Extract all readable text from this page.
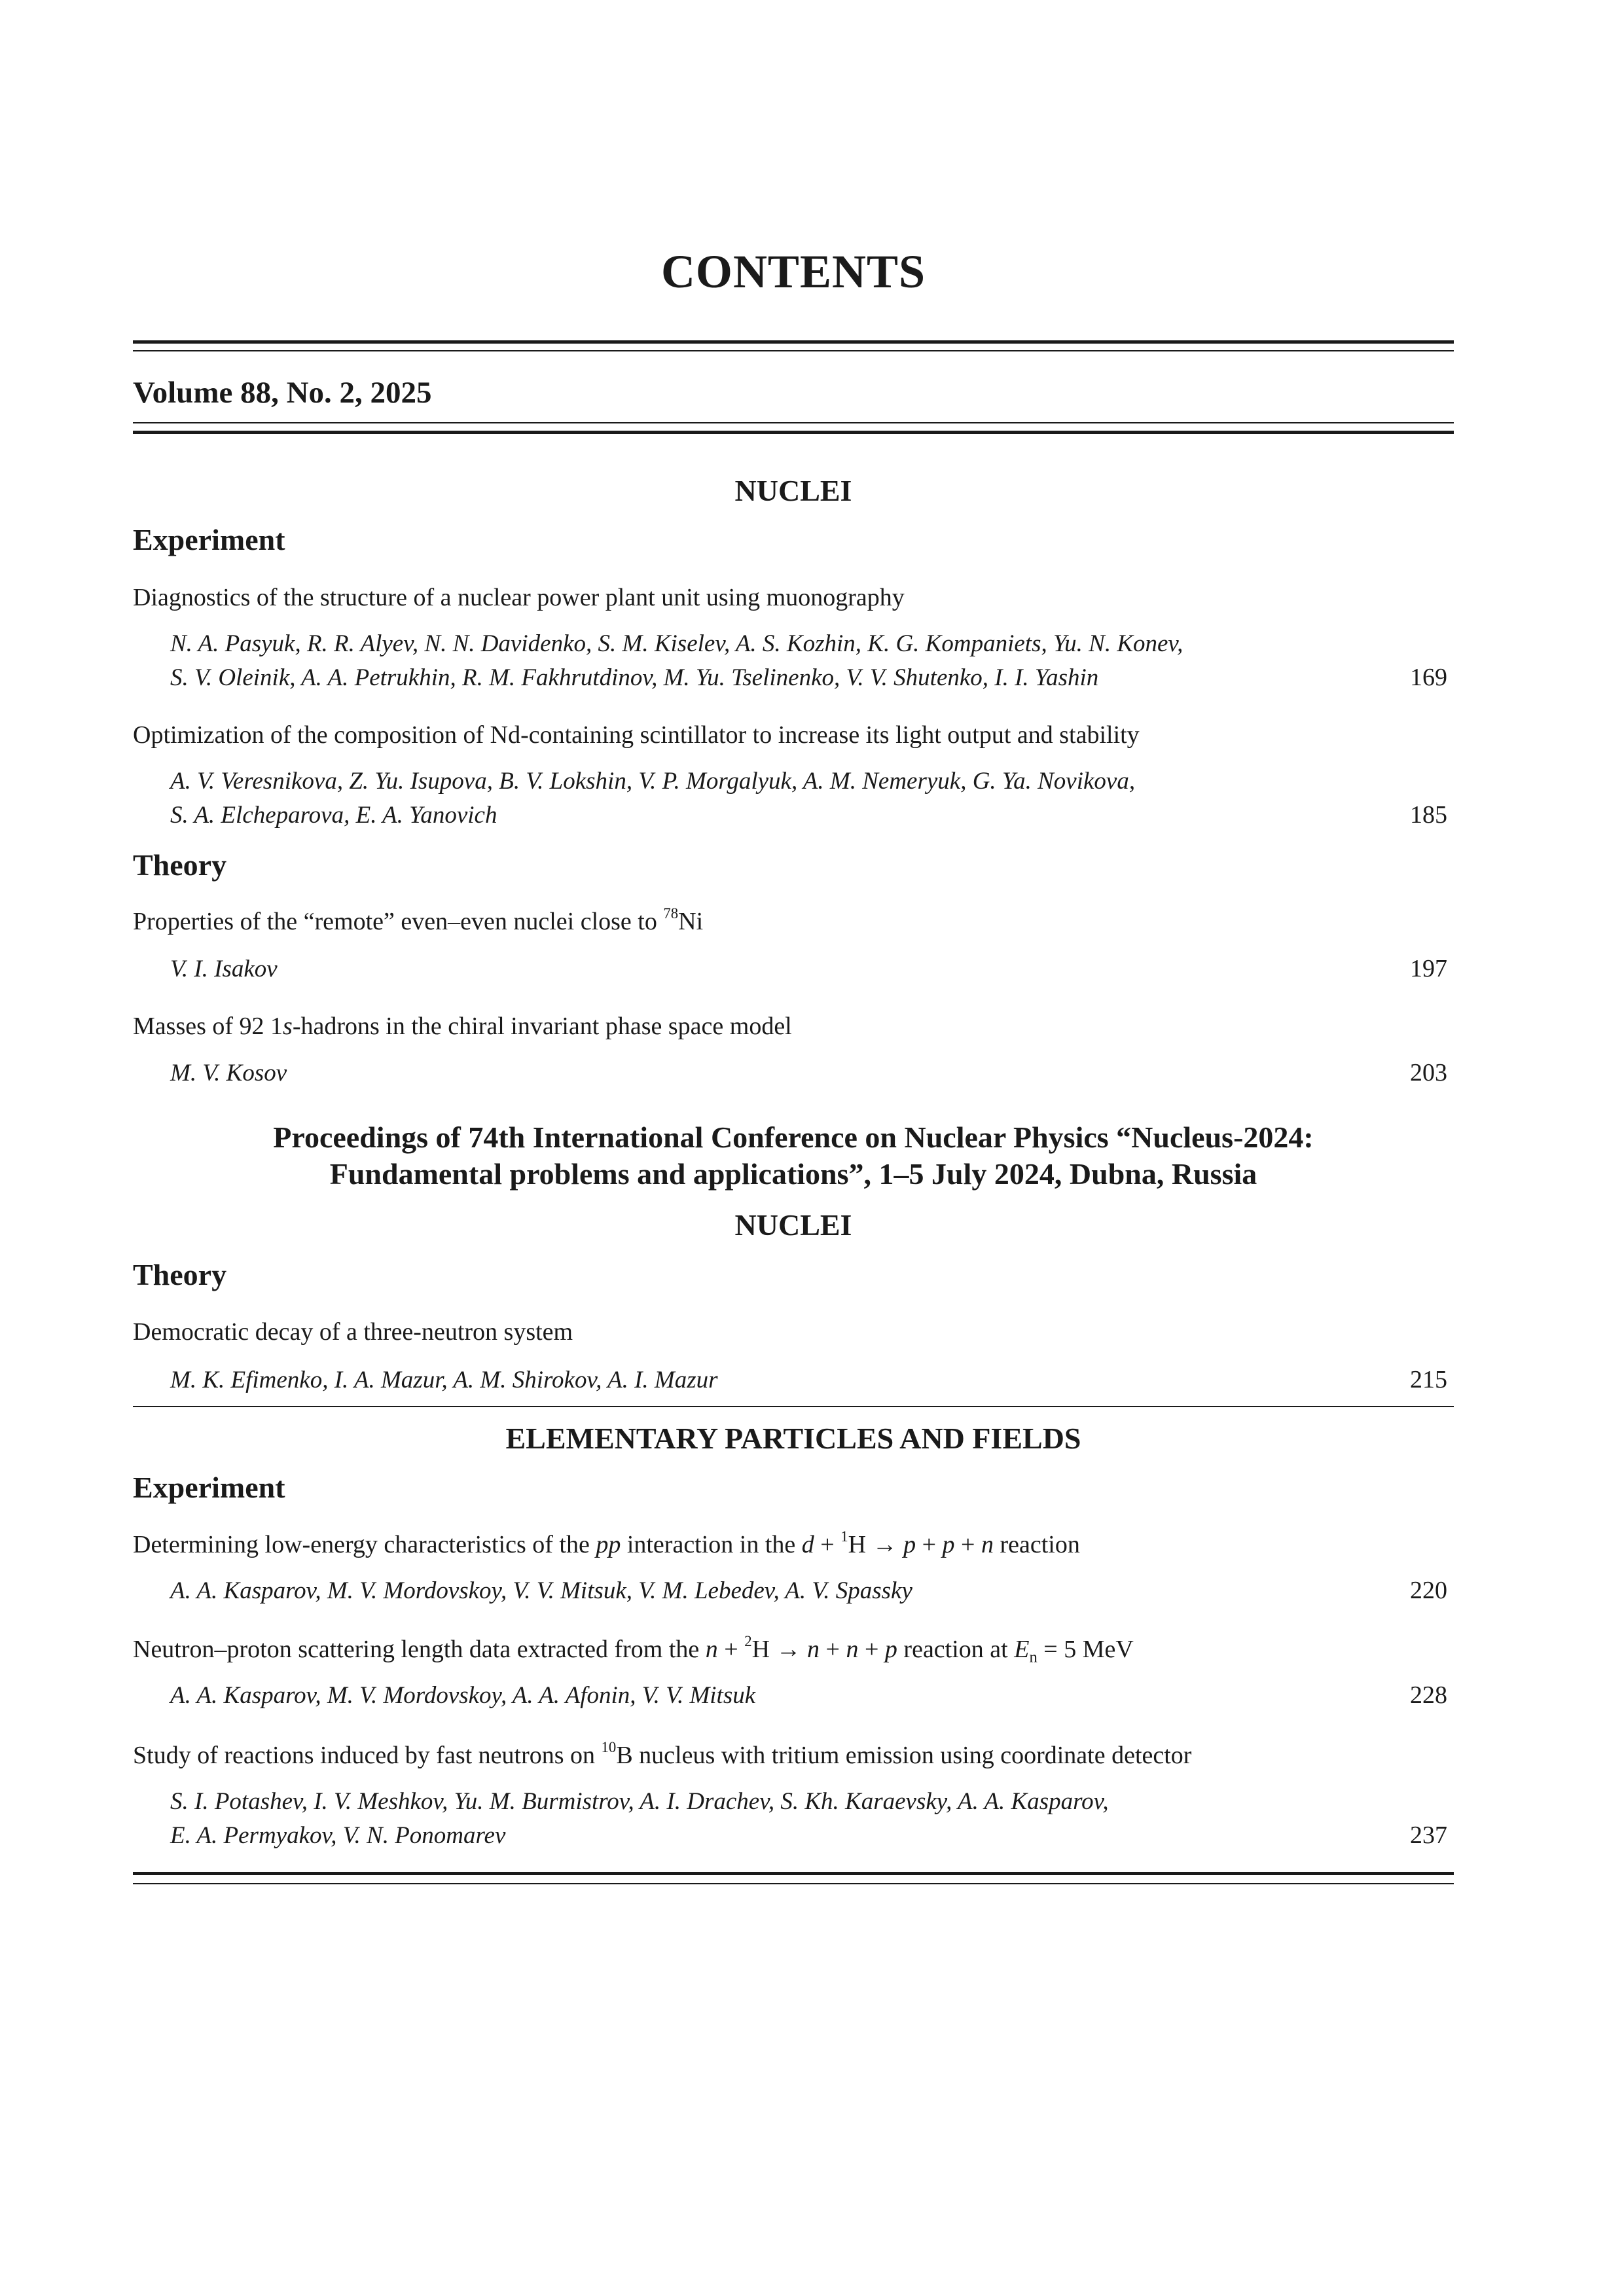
CONTENTS
Volume 88, No. 2, 2025
NUCLEI
Experiment
Diagnostics of the structure of a nuclear power plant unit using muonography
N. A. Pasyuk, R. R. Alyev, N. N. Davidenko, S. M. Kiselev, A. S. Kozhin, K. G. Kompaniets, Yu. N. Konev,
S. V. Oleinik, A. A. Petrukhin, R. M. Fakhrutdinov, M. Yu. Tselinenko, V. V. Shutenko, I. I. Yashin	169
Optimization of the composition of Nd-containing scintillator to increase its light output and stability
A. V. Veresnikova, Z. Yu. Isupova, B. V. Lokshin, V. P. Morgalyuk, A. M. Nemeryuk, G. Ya. Novikova,
S. A. Elcheparova, E. A. Yanovich	185
Theory
Properties of the “remote” even–even nuclei close to $^{78}$Ni
V. I. Isakov	197
Masses of 92 1s-hadrons in the chiral invariant phase space model
M. V. Kosov	203
Proceedings of 74th International Conference on Nuclear Physics “Nucleus-2024:
Fundamental problems and applications”, 1–5 July 2024, Dubna, Russia
NUCLEI
Theory
Democratic decay of a three-neutron system
M. K. Efimenko, I. A. Mazur, A. M. Shirokov, A. I. Mazur	215
ELEMENTARY PARTICLES AND FIELDS
Experiment
Determining low-energy characteristics of the pp interaction in the d + $^1$H → p + p + n reaction
A. A. Kasparov, M. V. Mordovskoy, V. V. Mitsuk, V. M. Lebedev, A. V. Spassky	220
Neutron–proton scattering length data extracted from the n + $^2$H → n + n + p reaction at $E_n = 5$ MeV
A. A. Kasparov, M. V. Mordovskoy, A. A. Afonin, V. V. Mitsuk	228
Study of reactions induced by fast neutrons on $^{10}$B nucleus with tritium emission using coordinate detector
S. I. Potashev, I. V. Meshkov, Yu. M. Burmistrov, A. I. Drachev, S. Kh. Karaevsky, A. A. Kasparov,
E. A. Permyakov, V. N. Ponomarev	237
